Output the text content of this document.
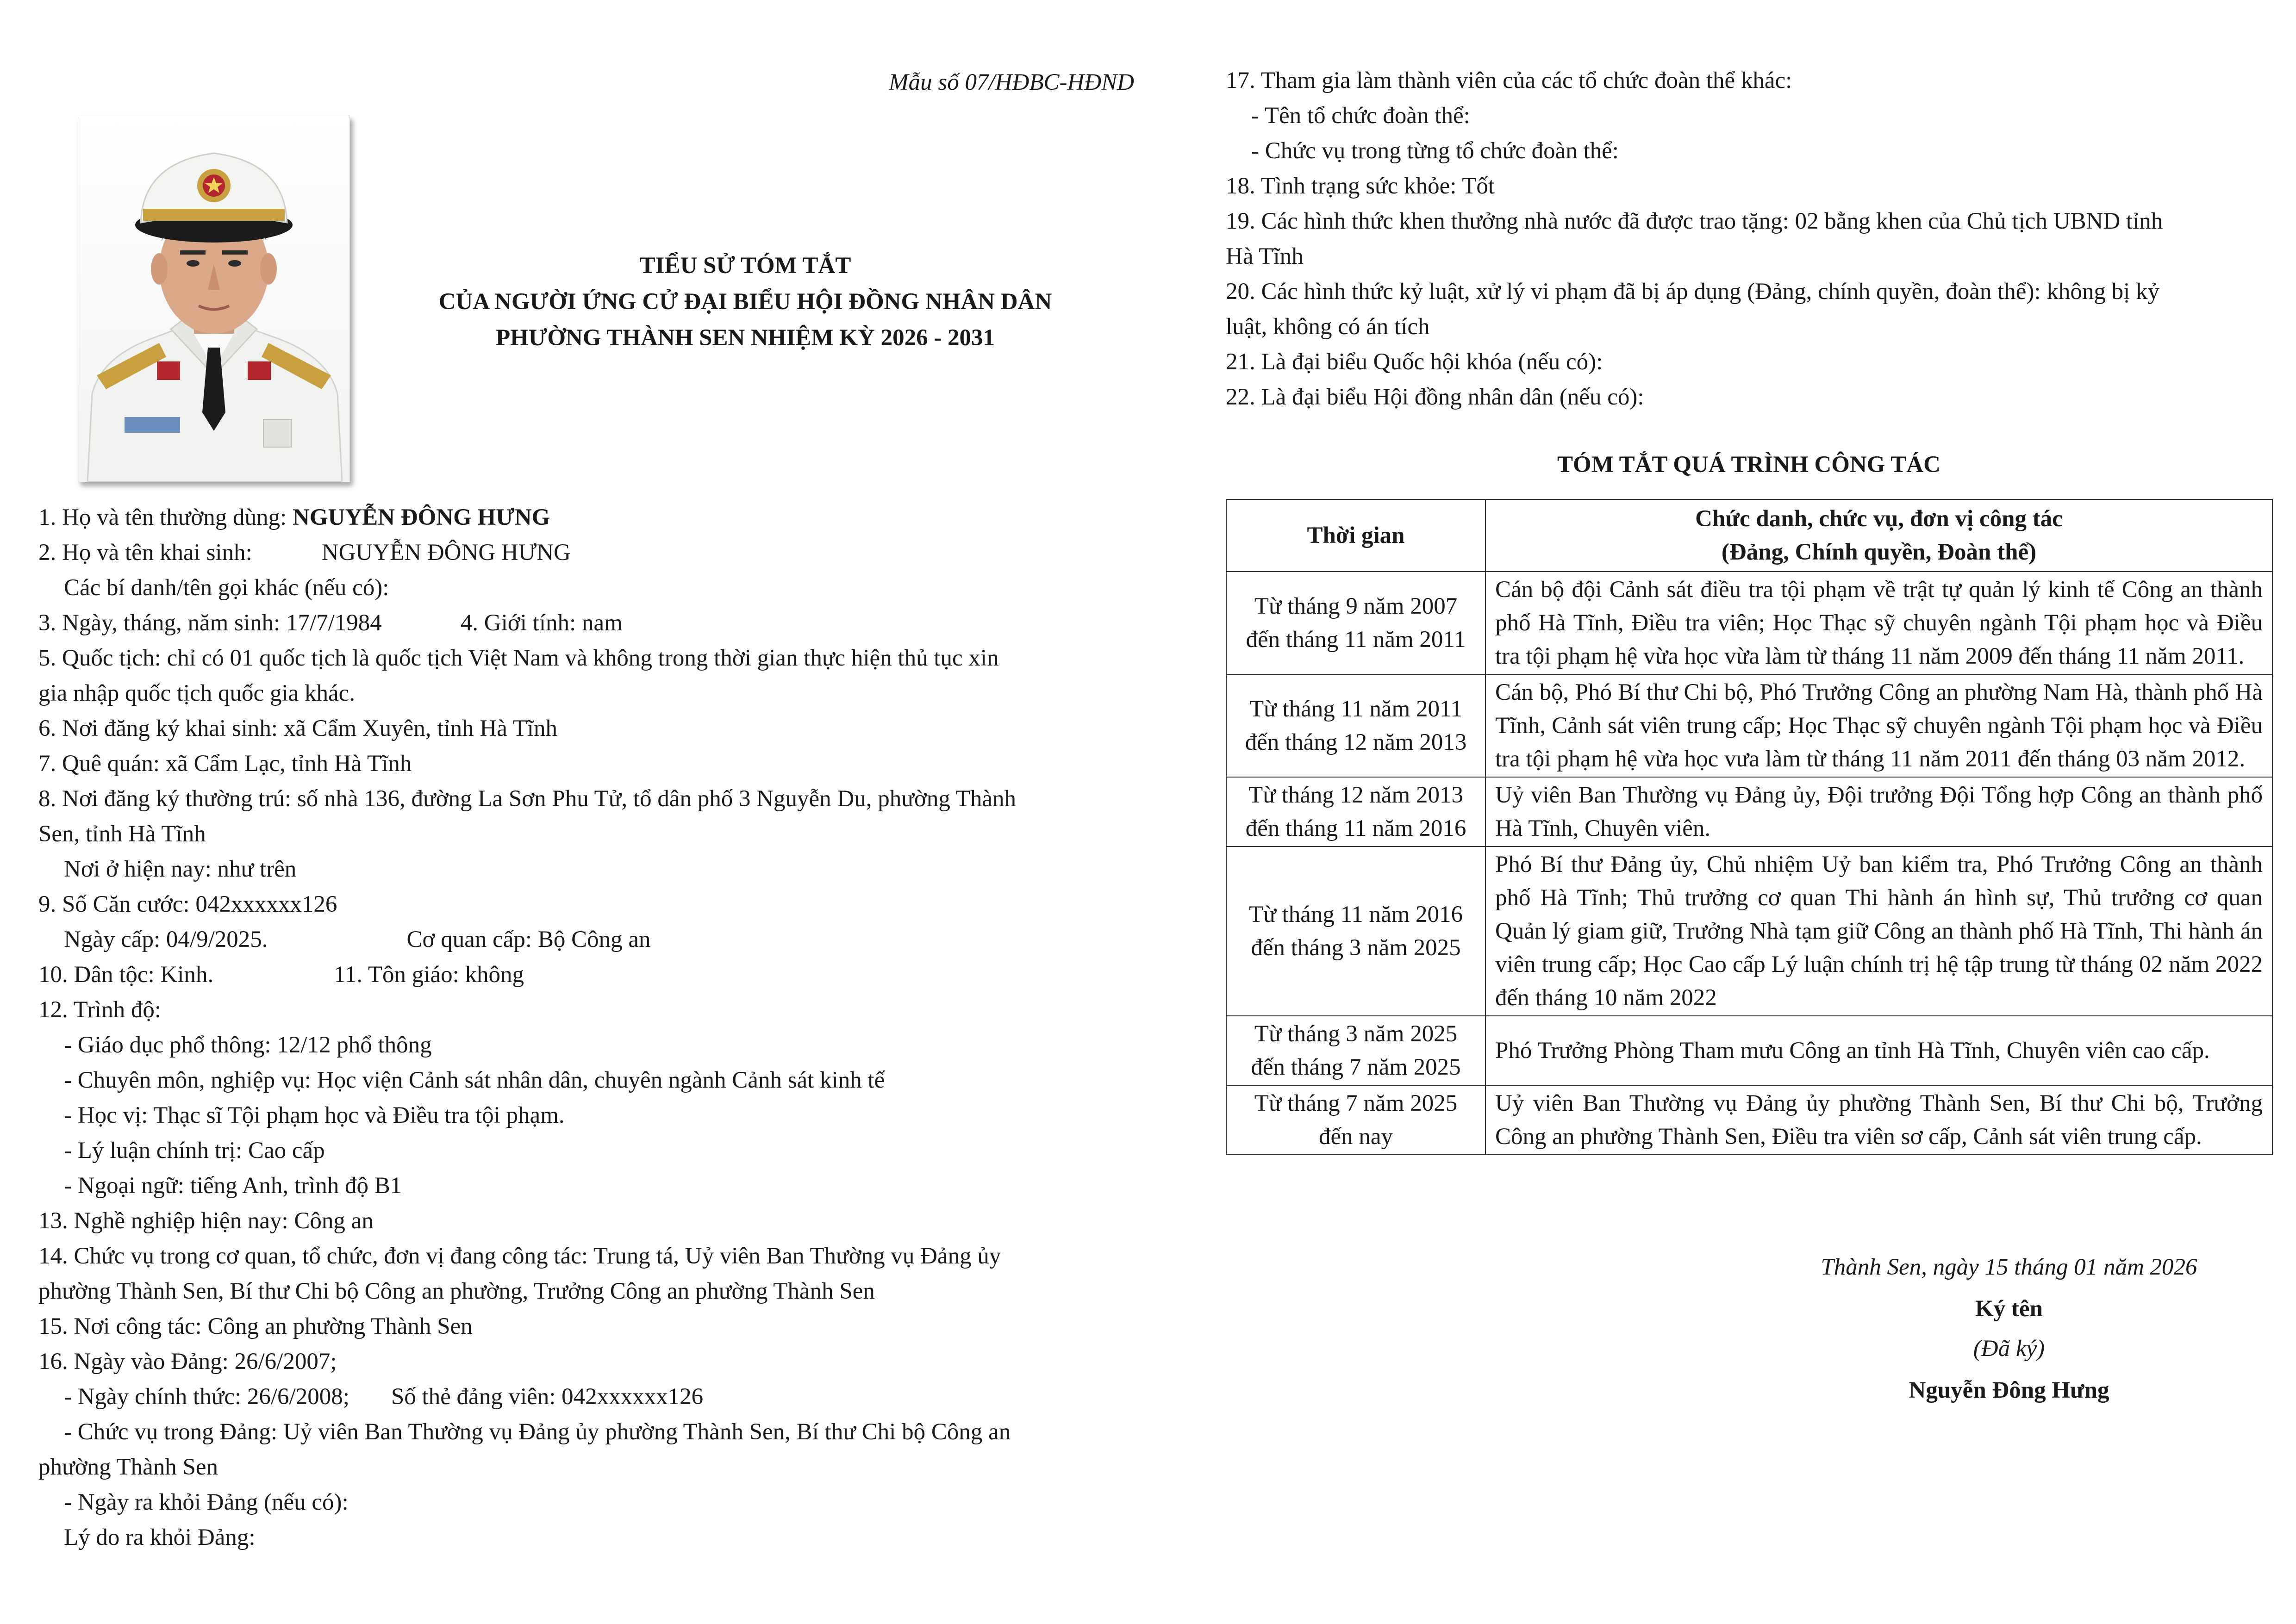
Mẫu số 07/HĐBC-HĐND
TIỂU SỬ TÓM TẮT
CỦA NGƯỜI ỨNG CỬ ĐẠI BIỂU HỘI ĐỒNG NHÂN DÂN
PHƯỜNG THÀNH SEN NHIỆM KỲ 2026 - 2031
1. Họ và tên thường dùng: NGUYỄN ĐÔNG HƯNG
2. Họ và tên khai sinh:	NGUYỄN ĐÔNG HƯNG
Các bí danh/tên gọi khác (nếu có):
3. Ngày, tháng, năm sinh: 17/7/1984	4. Giới tính: nam
5. Quốc tịch: chỉ có 01 quốc tịch là quốc tịch Việt Nam và không trong thời gian thực hiện thủ tục xin
gia nhập quốc tịch quốc gia khác.
6. Nơi đăng ký khai sinh: xã Cẩm Xuyên, tỉnh Hà Tĩnh
7. Quê quán: xã Cẩm Lạc, tỉnh Hà Tĩnh
8. Nơi đăng ký thường trú: số nhà 136, đường La Sơn Phu Tử, tổ dân phố 3 Nguyễn Du, phường Thành
Sen, tỉnh Hà Tĩnh
Nơi ở hiện nay: như trên
9. Số Căn cước: 042xxxxxx126
Ngày cấp: 04/9/2025.	Cơ quan cấp: Bộ Công an
10. Dân tộc: Kinh.	11. Tôn giáo: không
12. Trình độ:
- Giáo dục phổ thông: 12/12 phổ thông
- Chuyên môn, nghiệp vụ: Học viện Cảnh sát nhân dân, chuyên ngành Cảnh sát kinh tế
- Học vị: Thạc sĩ Tội phạm học và Điều tra tội phạm.
- Lý luận chính trị: Cao cấp
- Ngoại ngữ: tiếng Anh, trình độ B1
13. Nghề nghiệp hiện nay: Công an
14. Chức vụ trong cơ quan, tổ chức, đơn vị đang công tác: Trung tá, Uỷ viên Ban Thường vụ Đảng ủy
phường Thành Sen, Bí thư Chi bộ Công an phường, Trưởng Công an phường Thành Sen
15. Nơi công tác: Công an phường Thành Sen
16. Ngày vào Đảng: 26/6/2007;
- Ngày chính thức: 26/6/2008; Số thẻ đảng viên: 042xxxxxx126
- Chức vụ trong Đảng: Uỷ viên Ban Thường vụ Đảng ủy phường Thành Sen, Bí thư Chi bộ Công an
phường Thành Sen
- Ngày ra khỏi Đảng (nếu có):
Lý do ra khỏi Đảng:
17. Tham gia làm thành viên của các tổ chức đoàn thể khác:
- Tên tổ chức đoàn thể:
- Chức vụ trong từng tổ chức đoàn thể:
18. Tình trạng sức khỏe: Tốt
19. Các hình thức khen thưởng nhà nước đã được trao tặng: 02 bằng khen của Chủ tịch UBND tỉnh
Hà Tĩnh
20. Các hình thức kỷ luật, xử lý vi phạm đã bị áp dụng (Đảng, chính quyền, đoàn thể): không bị kỷ
luật, không có án tích
21. Là đại biểu Quốc hội khóa (nếu có):
22. Là đại biểu Hội đồng nhân dân (nếu có):
TÓM TẮT QUÁ TRÌNH CÔNG TÁC
Thời gian	Chức danh, chức vụ, đơn vị công tác
(Đảng, Chính quyền, Đoàn thể)

Từ tháng 9 năm 2007
đến tháng 11 năm 2011	Cán bộ đội Cảnh sát điều tra tội phạm về trật tự quản lý kinh tế Công an thành phố Hà Tĩnh, Điều tra viên; Học Thạc sỹ chuyên ngành Tội phạm học và Điều tra tội phạm hệ vừa học vừa làm từ tháng 11 năm 2009 đến tháng 11 năm 2011.

Từ tháng 11 năm 2011
đến tháng 12 năm 2013	Cán bộ, Phó Bí thư Chi bộ, Phó Trưởng Công an phường Nam Hà, thành phố Hà Tĩnh, Cảnh sát viên trung cấp; Học Thạc sỹ chuyên ngành Tội phạm học và Điều tra tội phạm hệ vừa học vưa làm từ tháng 11 năm 2011 đến tháng 03 năm 2012.

Từ tháng 12 năm 2013
đến tháng 11 năm 2016	Uỷ viên Ban Thường vụ Đảng ủy, Đội trưởng Đội Tổng hợp Công an thành phố Hà Tĩnh, Chuyên viên.

Từ tháng 11 năm 2016
đến tháng 3 năm 2025	Phó Bí thư Đảng ủy, Chủ nhiệm Uỷ ban kiểm tra, Phó Trưởng Công an thành phố Hà Tĩnh; Thủ trưởng cơ quan Thi hành án hình sự, Thủ trưởng cơ quan Quản lý giam giữ, Trưởng Nhà tạm giữ Công an thành phố Hà Tĩnh, Thi hành án viên trung cấp; Học Cao cấp Lý luận chính trị hệ tập trung từ tháng 02 năm 2022 đến tháng 10 năm 2022

Từ tháng 3 năm 2025
đến tháng 7 năm 2025	Phó Trưởng Phòng Tham mưu Công an tỉnh Hà Tĩnh, Chuyên viên cao cấp.

Từ tháng 7 năm 2025
đến nay	Uỷ viên Ban Thường vụ Đảng ủy phường Thành Sen, Bí thư Chi bộ, Trưởng Công an phường Thành Sen, Điều tra viên sơ cấp, Cảnh sát viên trung cấp.
Thành Sen, ngày 15 tháng 01 năm 2026
Ký tên
(Đã ký)
Nguyễn Đông Hưng
